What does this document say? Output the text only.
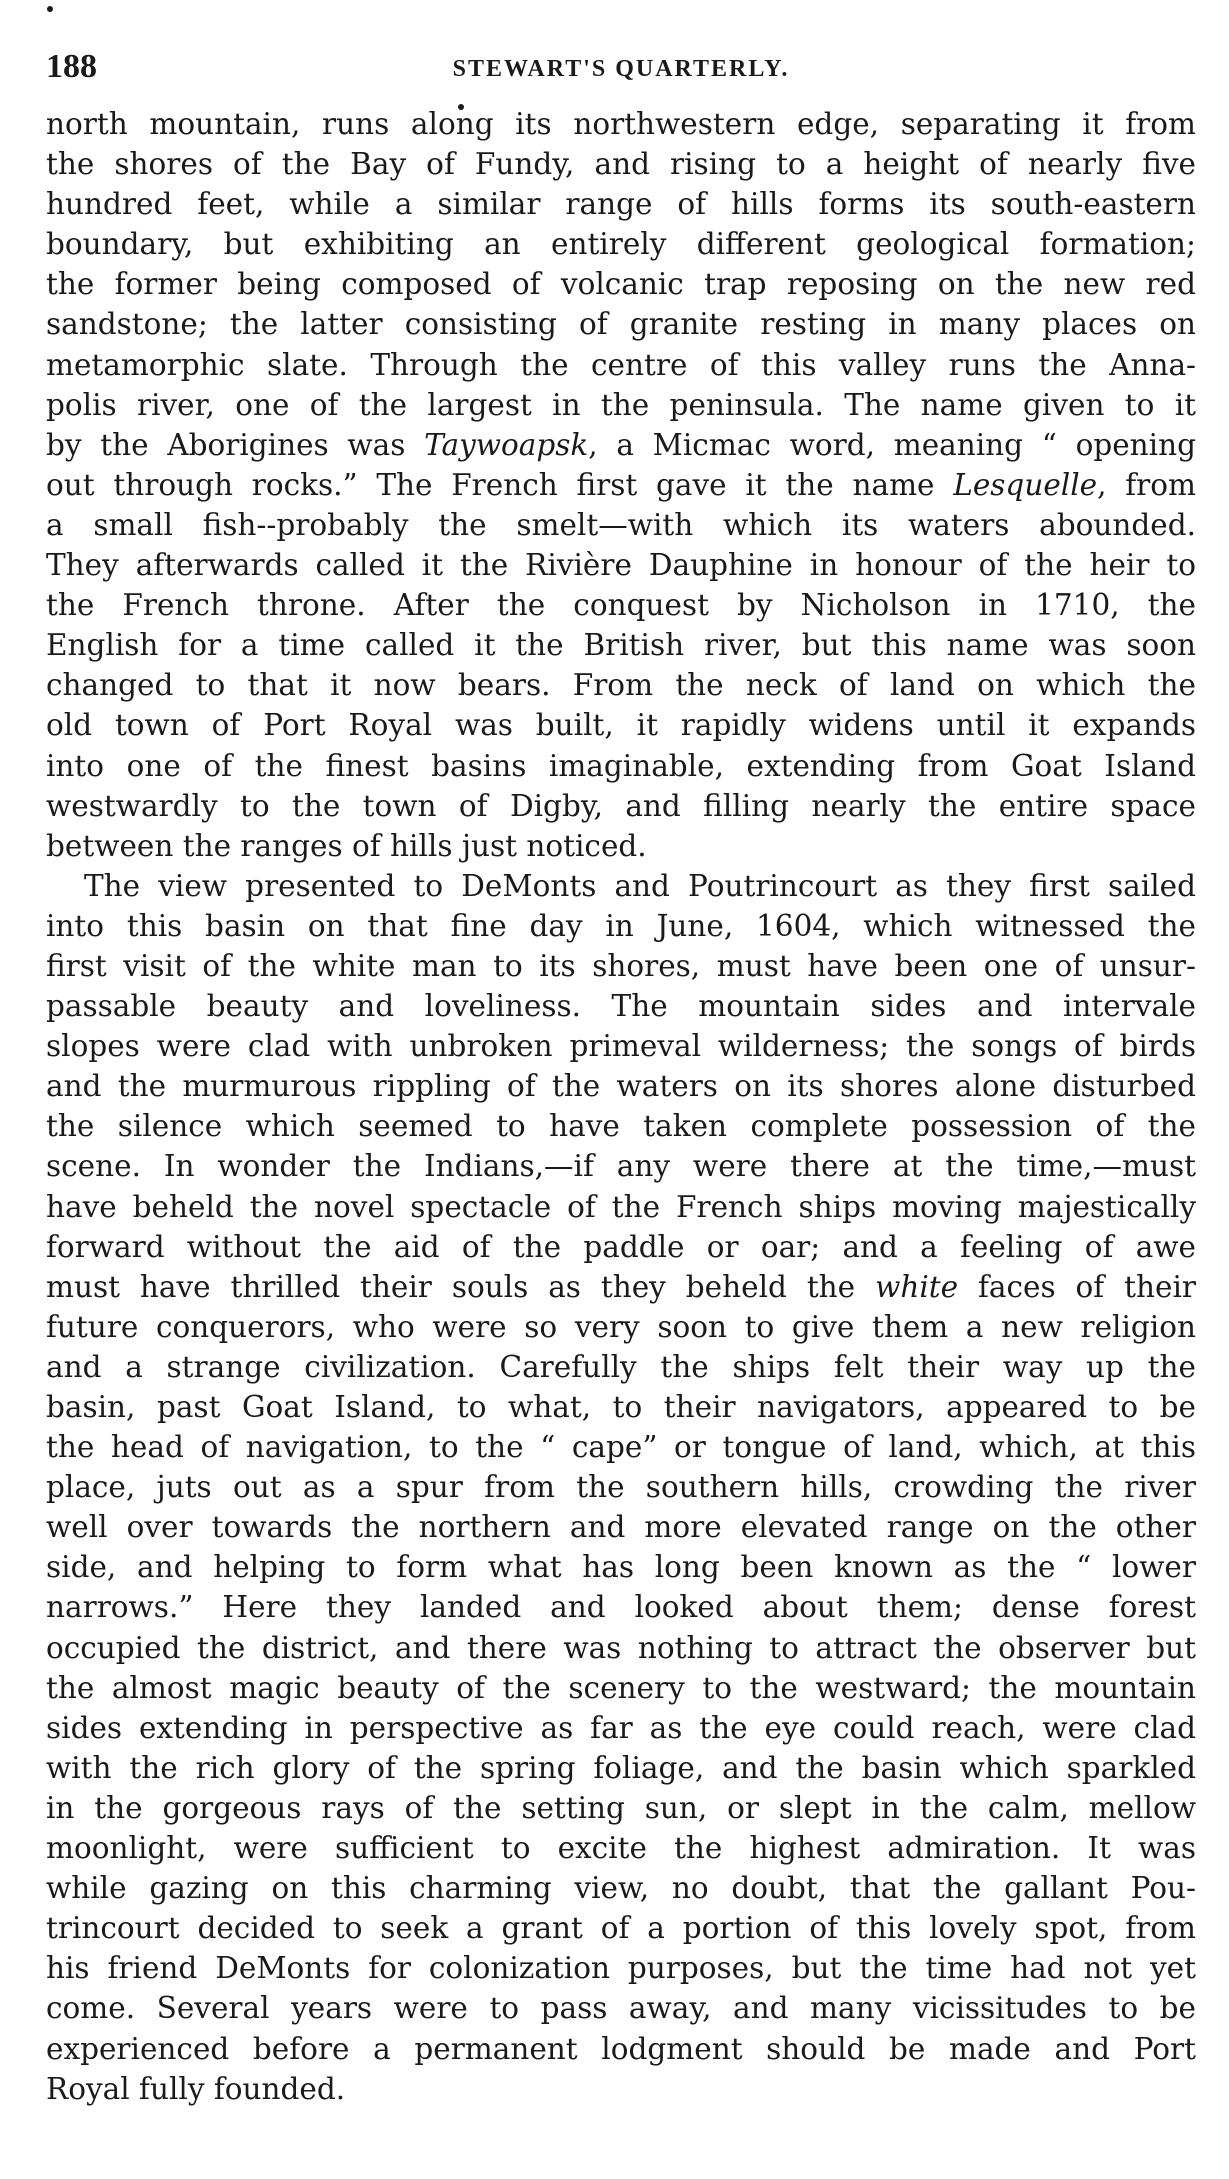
188	STEWART'S QUARTERLY.
north mountain, runs along its northwestern edge, separating it from
the shores of the Bay of Fundy, and rising to a height of nearly five
hundred feet, while a similar range of hills forms its south-eastern
boundary, but exhibiting an entirely different geological formation;
the former being composed of volcanic trap reposing on the new red
sandstone; the latter consisting of granite resting in many places on
metamorphic slate. Through the centre of this valley runs the Anna-
polis river, one of the largest in the peninsula. The name given to it
by the Aborigines was Taywoapsk, a Micmac word, meaning “ opening
out through rocks.” The French first gave it the name Lesquelle, from
a small fish--probably the smelt—with which its waters abounded.
They afterwards called it the Rivière Dauphine in honour of the heir to
the French throne. After the conquest by Nicholson in 1710, the
English for a time called it the British river, but this name was soon
changed to that it now bears. From the neck of land on which the
old town of Port Royal was built, it rapidly widens until it expands
into one of the finest basins imaginable, extending from Goat Island
westwardly to the town of Digby, and filling nearly the entire space
between the ranges of hills just noticed.
The view presented to DeMonts and Poutrincourt as they first sailed
into this basin on that fine day in June, 1604, which witnessed the
first visit of the white man to its shores, must have been one of unsur-
passable beauty and loveliness. The mountain sides and intervale
slopes were clad with unbroken primeval wilderness; the songs of birds
and the murmurous rippling of the waters on its shores alone disturbed
the silence which seemed to have taken complete possession of the
scene. In wonder the Indians,—if any were there at the time,—must
have beheld the novel spectacle of the French ships moving majestically
forward without the aid of the paddle or oar; and a feeling of awe
must have thrilled their souls as they beheld the white faces of their
future conquerors, who were so very soon to give them a new religion
and a strange civilization. Carefully the ships felt their way up the
basin, past Goat Island, to what, to their navigators, appeared to be
the head of navigation, to the “ cape” or tongue of land, which, at this
place, juts out as a spur from the southern hills, crowding the river
well over towards the northern and more elevated range on the other
side, and helping to form what has long been known as the “ lower
narrows.” Here they landed and looked about them; dense forest
occupied the district, and there was nothing to attract the observer but
the almost magic beauty of the scenery to the westward; the mountain
sides extending in perspective as far as the eye could reach, were clad
with the rich glory of the spring foliage, and the basin which sparkled
in the gorgeous rays of the setting sun, or slept in the calm, mellow
moonlight, were sufficient to excite the highest admiration. It was
while gazing on this charming view, no doubt, that the gallant Pou-
trincourt decided to seek a grant of a portion of this lovely spot, from
his friend DeMonts for colonization purposes, but the time had not yet
come. Several years were to pass away, and many vicissitudes to be
experienced before a permanent lodgment should be made and Port
Royal fully founded.
